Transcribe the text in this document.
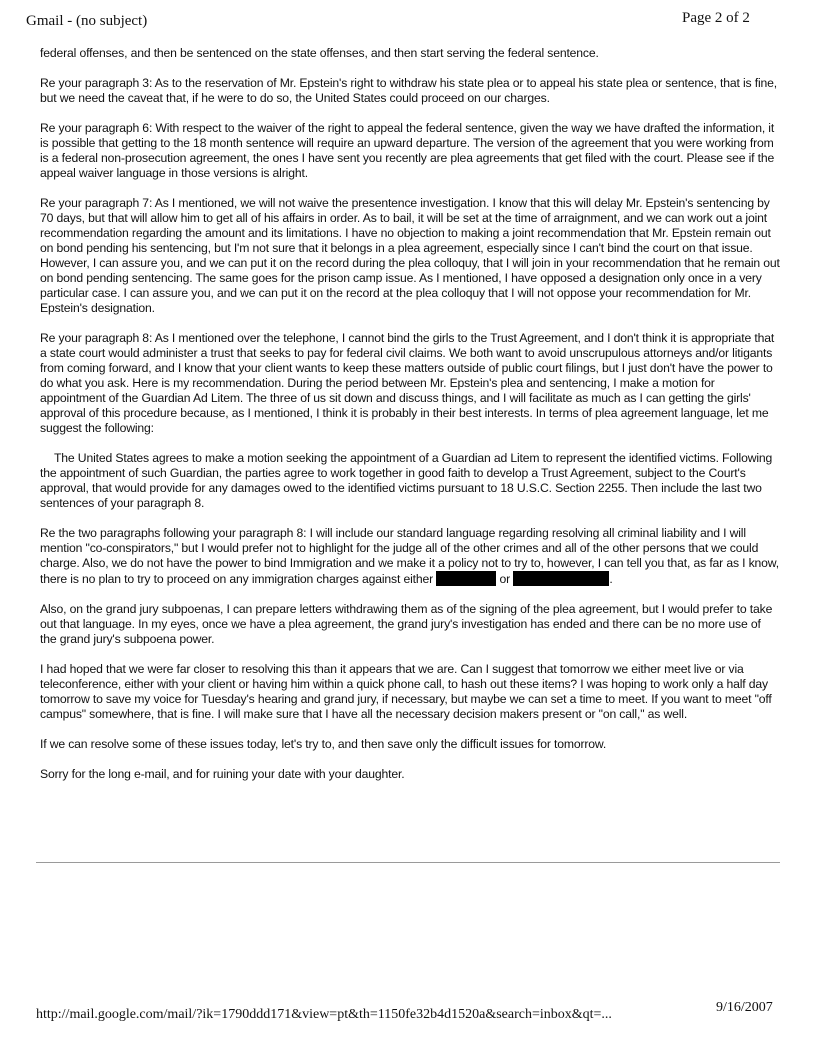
Gmail - (no subject)	Page 2 of 2

federal offenses, and then be sentenced on the state offenses, and then start serving the federal sentence.

Re your paragraph 3: As to the reservation of Mr. Epstein's right to withdraw his state plea or to appeal his state plea or sentence, that is fine, but we need the caveat that, if he were to do so, the United States could proceed on our charges.

Re your paragraph 6: With respect to the waiver of the right to appeal the federal sentence, given the way we have drafted the information, it is possible that getting to the 18 month sentence will require an upward departure. The version of the agreement that you were working from is a federal non-prosecution agreement, the ones I have sent you recently are plea agreements that get filed with the court. Please see if the appeal waiver language in those versions is alright.

Re your paragraph 7: As I mentioned, we will not waive the presentence investigation. I know that this will delay Mr. Epstein's sentencing by 70 days, but that will allow him to get all of his affairs in order. As to bail, it will be set at the time of arraignment, and we can work out a joint recommendation regarding the amount and its limitations. I have no objection to making a joint recommendation that Mr. Epstein remain out on bond pending his sentencing, but I'm not sure that it belongs in a plea agreement, especially since I can't bind the court on that issue. However, I can assure you, and we can put it on the record during the plea colloquy, that I will join in your recommendation that he remain out on bond pending sentencing. The same goes for the prison camp issue. As I mentioned, I have opposed a designation only once in a very particular case. I can assure you, and we can put it on the record at the plea colloquy that I will not oppose your recommendation for Mr. Epstein's designation.

Re your paragraph 8: As I mentioned over the telephone, I cannot bind the girls to the Trust Agreement, and I don't think it is appropriate that a state court would administer a trust that seeks to pay for federal civil claims. We both want to avoid unscrupulous attorneys and/or litigants from coming forward, and I know that your client wants to keep these matters outside of public court filings, but I just don't have the power to do what you ask. Here is my recommendation. During the period between Mr. Epstein's plea and sentencing, I make a motion for appointment of the Guardian Ad Litem. The three of us sit down and discuss things, and I will facilitate as much as I can getting the girls' approval of this procedure because, as I mentioned, I think it is probably in their best interests. In terms of plea agreement language, let me suggest the following:

The United States agrees to make a motion seeking the appointment of a Guardian ad Litem to represent the identified victims. Following the appointment of such Guardian, the parties agree to work together in good faith to develop a Trust Agreement, subject to the Court's approval, that would provide for any damages owed to the identified victims pursuant to 18 U.S.C. Section 2255. Then include the last two sentences of your paragraph 8.

Re the two paragraphs following your paragraph 8: I will include our standard language regarding resolving all criminal liability and I will mention "co-conspirators," but I would prefer not to highlight for the judge all of the other crimes and all of the other persons that we could charge. Also, we do not have the power to bind Immigration and we make it a policy not to try to, however, I can tell you that, as far as I know, there is no plan to try to proceed on any immigration charges against either	or	.

Also, on the grand jury subpoenas, I can prepare letters withdrawing them as of the signing of the plea agreement, but I would prefer to take out that language. In my eyes, once we have a plea agreement, the grand jury's investigation has ended and there can be no more use of the grand jury's subpoena power.

I had hoped that we were far closer to resolving this than it appears that we are. Can I suggest that tomorrow we either meet live or via teleconference, either with your client or having him within a quick phone call, to hash out these items? I was hoping to work only a half day tomorrow to save my voice for Tuesday's hearing and grand jury, if necessary, but maybe we can set a time to meet. If you want to meet "off campus" somewhere, that is fine. I will make sure that I have all the necessary decision makers present or "on call," as well.

If we can resolve some of these issues today, let's try to, and then save only the difficult issues for tomorrow.

Sorry for the long e-mail, and for ruining your date with your daughter.

http://mail.google.com/mail/?ik=1790ddd171&view=pt&th=1150fe32b4d1520a&search=inbox&qt=...	9/16/2007
